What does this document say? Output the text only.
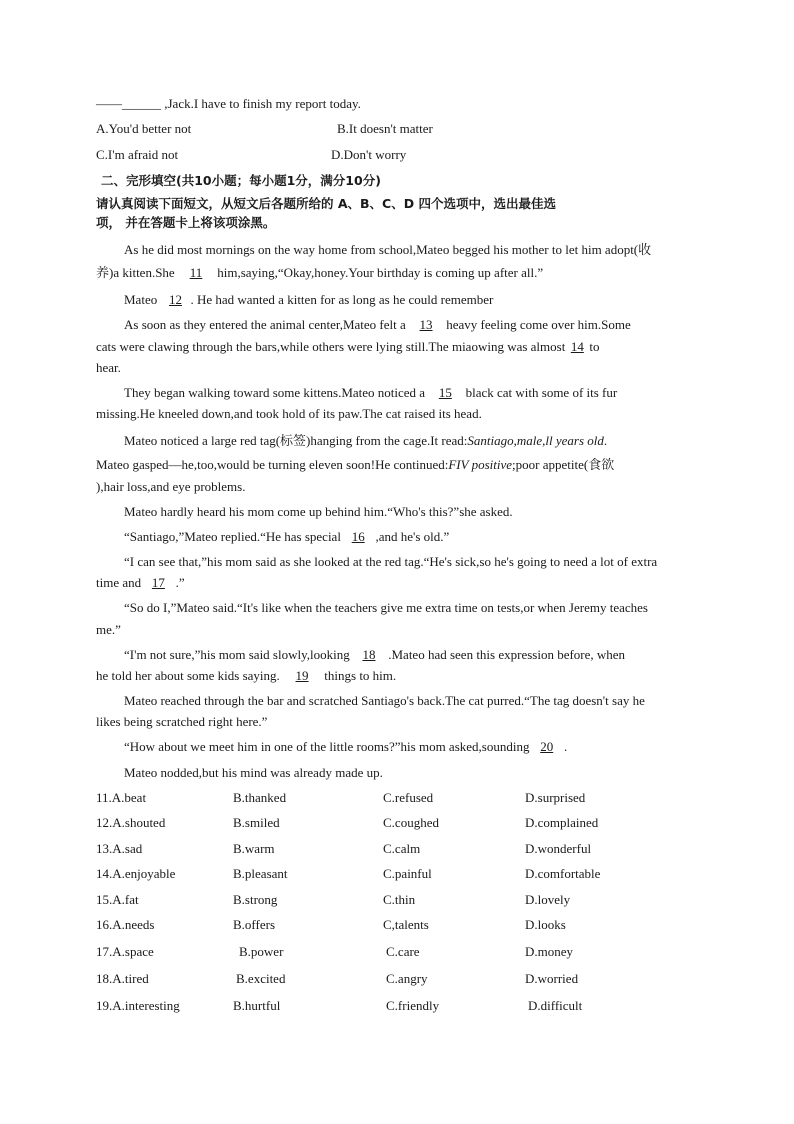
——______ ,Jack.I have to finish my report today.
A.You'd better not	B.It doesn't matter
C.I'm afraid not	D.Don't worry
二、完形填空(共10小题；每小题1分，满分10分)
请认真阅读下面短文，从短文后各题所给的 A、B、C、D 四个选项中，选出最佳选
项， 并在答题卡上将该项涂黑。
As he did most mornings on the way home from school,Mateo begged his mother to let him adopt(收
养)a kitten.She 11 him,saying,“Okay,honey.Your birthday is coming up after all.”
Mateo 12 . He had wanted a kitten for as long as he could remember
As soon as they entered the animal center,Mateo felt a 13 heavy feeling come over him.Some
cats were clawing through the bars,while others were lying still.The miaowing was almost 14 to
hear.
They began walking toward some kittens.Mateo noticed a 15 black cat with some of its fur
missing.He kneeled down,and took hold of its paw.The cat raised its head.
Mateo noticed a large red tag(标签)hanging from the cage.It read:Santiago,male,ll years old.
Mateo gasped—he,too,would be turning eleven soon!He continued:FIV positive;poor appetite(食欲
),hair loss,and eye problems.
Mateo hardly heard his mom come up behind him.“Who's this?”she asked.
“Santiago,”Mateo replied.“He has special 16 ,and he's old.”
“I can see that,”his mom said as she looked at the red tag.“He's sick,so he's going to need a lot of extra
time and 17 .”
“So do I,”Mateo said.“It's like when the teachers give me extra time on tests,or when Jeremy teaches
me.”
“I'm not sure,”his mom said slowly,looking 18 .Mateo had seen this expression before, when
he told her about some kids saying. 19 things to him.
Mateo reached through the bar and scratched Santiago's back.The cat purred.“The tag doesn't say he
likes being scratched right here.”
“How about we meet him in one of the little rooms?”his mom asked,sounding 20 .
Mateo nodded,but his mind was already made up.
11.A.beat	B.thanked	C.refused	D.surprised
12.A.shouted	B.smiled	C.coughed	D.complained
13.A.sad	B.warm	C.calm	D.wonderful
14.A.enjoyable	B.pleasant	C.painful	D.comfortable
15.A.fat	B.strong	C.thin	D.lovely
16.A.needs	B.offers	C,talents	D.looks
17.A.space	B.power	C.care	D.money
18.A.tired	B.excited	C.angry	D.worried
19.A.interesting	B.hurtful	C.friendly	D.difficult
